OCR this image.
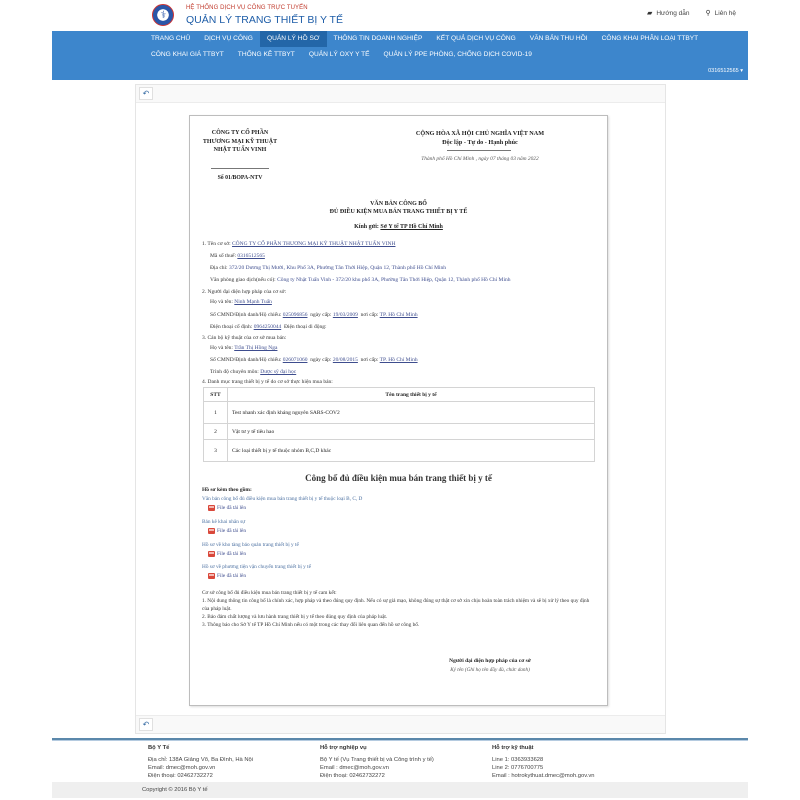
⚕
HỆ THỐNG DỊCH VỤ CÔNG TRỰC TUYẾN
QUẢN LÝ TRANG THIẾT BỊ Y TẾ
▰ Hướng dẫn ⚲ Liên hệ
TRANG CHỦ	DỊCH VỤ CÔNG	QUẢN LÝ HỒ SƠ	THÔNG TIN DOANH NGHIỆP	KẾT QUẢ DỊCH VỤ CÔNG	VĂN BẢN THU HỒI	CÔNG KHAI PHÂN LOẠI TTBYT
CÔNG KHAI GIÁ TTBYT	THỐNG KÊ TTBYT	QUẢN LÝ OXY Y TẾ	QUẢN LÝ PPE PHÒNG, CHỐNG DỊCH COVID-19
0316512565 ▾
↶
↶
CÔNG TY CỔ PHẦN THƯƠNG MẠI KỸ THUẬT NHẬT TUẤN VINH
Số 01/BOPA-NTV
CỘNG HÒA XÃ HỘI CHỦ NGHĨA VIỆT NAM
Độc lập - Tự do - Hạnh phúc
Thành phố Hồ Chí Minh , ngày 07 tháng 03 năm 2022
VĂN BẢN CÔNG BỐ
ĐỦ ĐIỀU KIỆN MUA BÁN TRANG THIẾT BỊ Y TẾ
Kính gửi: Sở Y tế TP Hồ Chí Minh
1. Tên cơ sở: CÔNG TY CỔ PHẦN THƯƠNG MẠI KỸ THUẬT NHẬT TUẤN VINH
Mã số thuế: 0316512565
Địa chỉ: 372/20 Dương Thị Mười, Khu Phố 3A, Phường Tân Thới Hiệp, Quận 12, Thành phố Hồ Chí Minh
Văn phòng giao dịch(nếu có): Công ty Nhật Tuấn Vinh - 372/20 khu phố 3A, Phường Tân Thới Hiệp, Quận 12, Thành phố Hồ Chí Minh
2. Người đại diện hợp pháp của cơ sở:
Họ và tên: Ninh Mạnh Tuấn
Số CMND/Định danh/Hộ chiếu: 025096856 ngày cấp: 19/03/2009 nơi cấp: TP. Hồ Chí Minh
Điện thoại cố định: 0964250044 Điện thoại di động:
3. Cán bộ kỹ thuật của cơ sở mua bán:
Họ và tên: Trần Thị Hồng Nga
Số CMND/Định danh/Hộ chiếu: 026071060 ngày cấp: 20/08/2015 nơi cấp: TP. Hồ Chí Minh
Trình độ chuyên môn: Dược sỹ đại học
4. Danh mục trang thiết bị y tế do cơ sở thực hiện mua bán:
STT	Tên trang thiết bị y tế
1	Test nhanh xác định kháng nguyên SARS-COV2
2	Vật tư y tế tiêu hao
3	Các loại thiết bị y tế thuộc nhóm B,C,D khác
Công bố đủ điều kiện mua bán trang thiết bị y tế
Hồ sơ kèm theo gồm:
Văn bản công bố đủ điều kiện mua bán trang thiết bị y tế thuộc loại B, C, D
File đã tải lên
Bản kê khai nhân sự
File đã tải lên
Hồ sơ về kho tàng bảo quản trang thiết bị y tế
File đã tải lên
Hồ sơ về phương tiện vận chuyển trang thiết bị y tế
File đã tải lên
Cơ sở công bố đủ điều kiện mua bán trang thiết bị y tế cam kết:
1. Nội dung thông tin công bố là chính xác, hợp pháp và theo đúng quy định. Nếu có sự giả mạo, không đúng sự thật cơ sở xin chịu hoàn toàn trách nhiệm và sẽ bị xử lý theo quy định của pháp luật.
2. Bảo đảm chất lượng và lưu hành trang thiết bị y tế theo đúng quy định của pháp luật.
3. Thông báo cho Sở Y tế TP Hồ Chí Minh nếu có một trong các thay đổi liên quan đến hồ sơ công bố.
Người đại diện hợp pháp của cơ sở
Ký tên (Ghi họ tên đầy đủ, chức danh)
Bộ Y Tế
Địa chỉ: 138A Giảng Võ, Ba Đình, Hà Nội
Email: dmec@moh.gov.vn
Điện thoại: 02462732272
Hỗ trợ nghiệp vụ
Bộ Y tế (Vụ Trang thiết bị và Công trình y tế)
Email : dmec@moh.gov.vn
Điện thoại: 02462732272
Hỗ trợ kỹ thuật
Line 1: 0363933628
Line 2: 0776700775
Email : hotrokythuat.dmec@moh.gov.vn
Copyright © 2016 Bộ Y tế
